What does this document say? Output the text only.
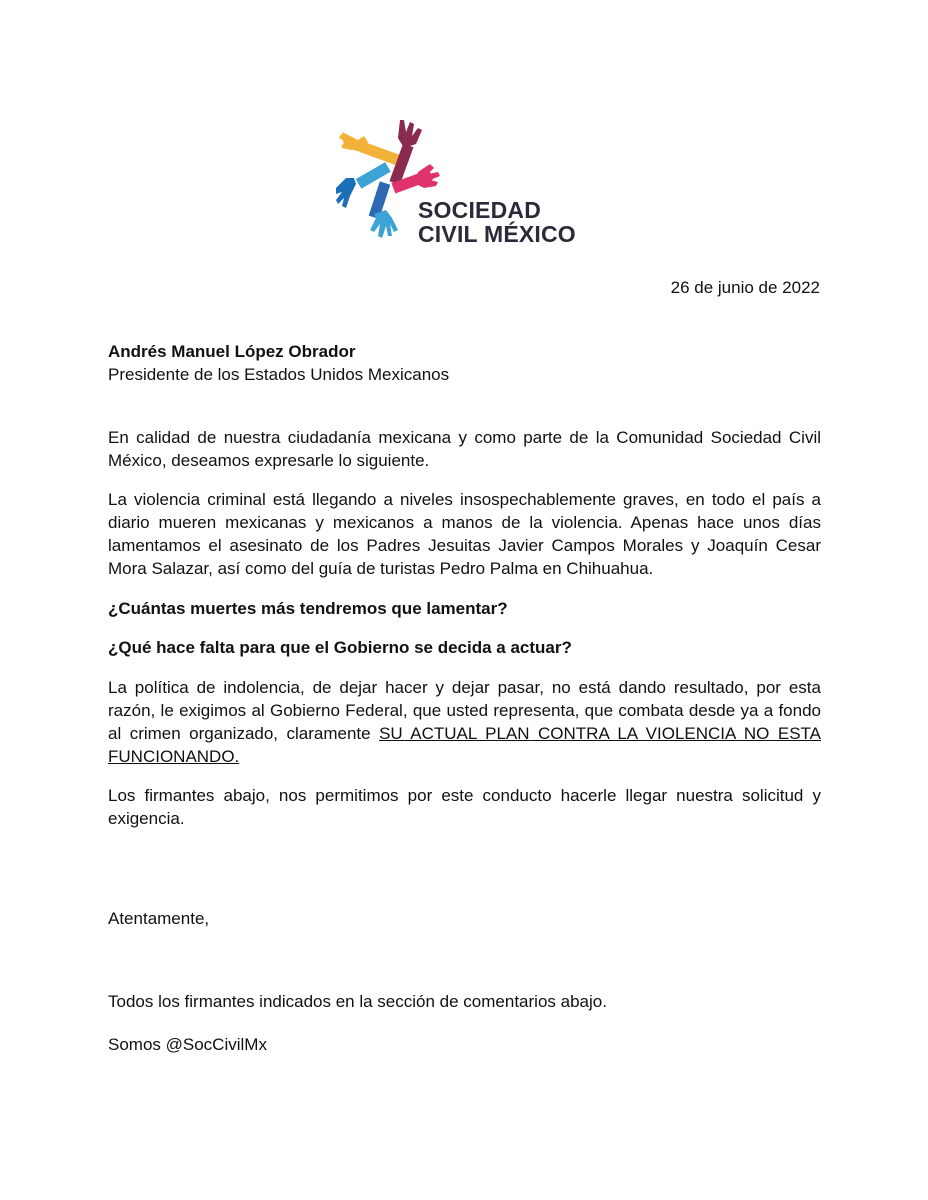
SOCIEDAD
CIVIL MÉXICO
26 de junio de 2022

Andrés Manuel López Obrador

Presidente de los Estados Unidos Mexicanos

En calidad de nuestra ciudadanía mexicana y como parte de la Comunidad Sociedad Civil México, deseamos expresarle lo siguiente.

La violencia criminal está llegando a niveles insospechablemente graves, en todo el país a diario mueren mexicanas y mexicanos a manos de la violencia. Apenas hace unos días lamentamos el asesinato de los Padres Jesuitas Javier Campos Morales y Joaquín Cesar Mora Salazar, así como del guía de turistas Pedro Palma en Chihuahua.

¿Cuántas muertes más tendremos que lamentar?

¿Qué hace falta para que el Gobierno se decida a actuar?

La política de indolencia, de dejar hacer y dejar pasar, no está dando resultado, por esta razón, le exigimos al Gobierno Federal, que usted representa, que combata desde ya a fondo al crimen organizado, claramente SU ACTUAL PLAN CONTRA LA VIOLENCIA NO ESTA FUNCIONANDO.

Los firmantes abajo, nos permitimos por este conducto hacerle llegar nuestra solicitud y exigencia.

Atentamente,

Todos los firmantes indicados en la sección de comentarios abajo.

Somos @SocCivilMx
